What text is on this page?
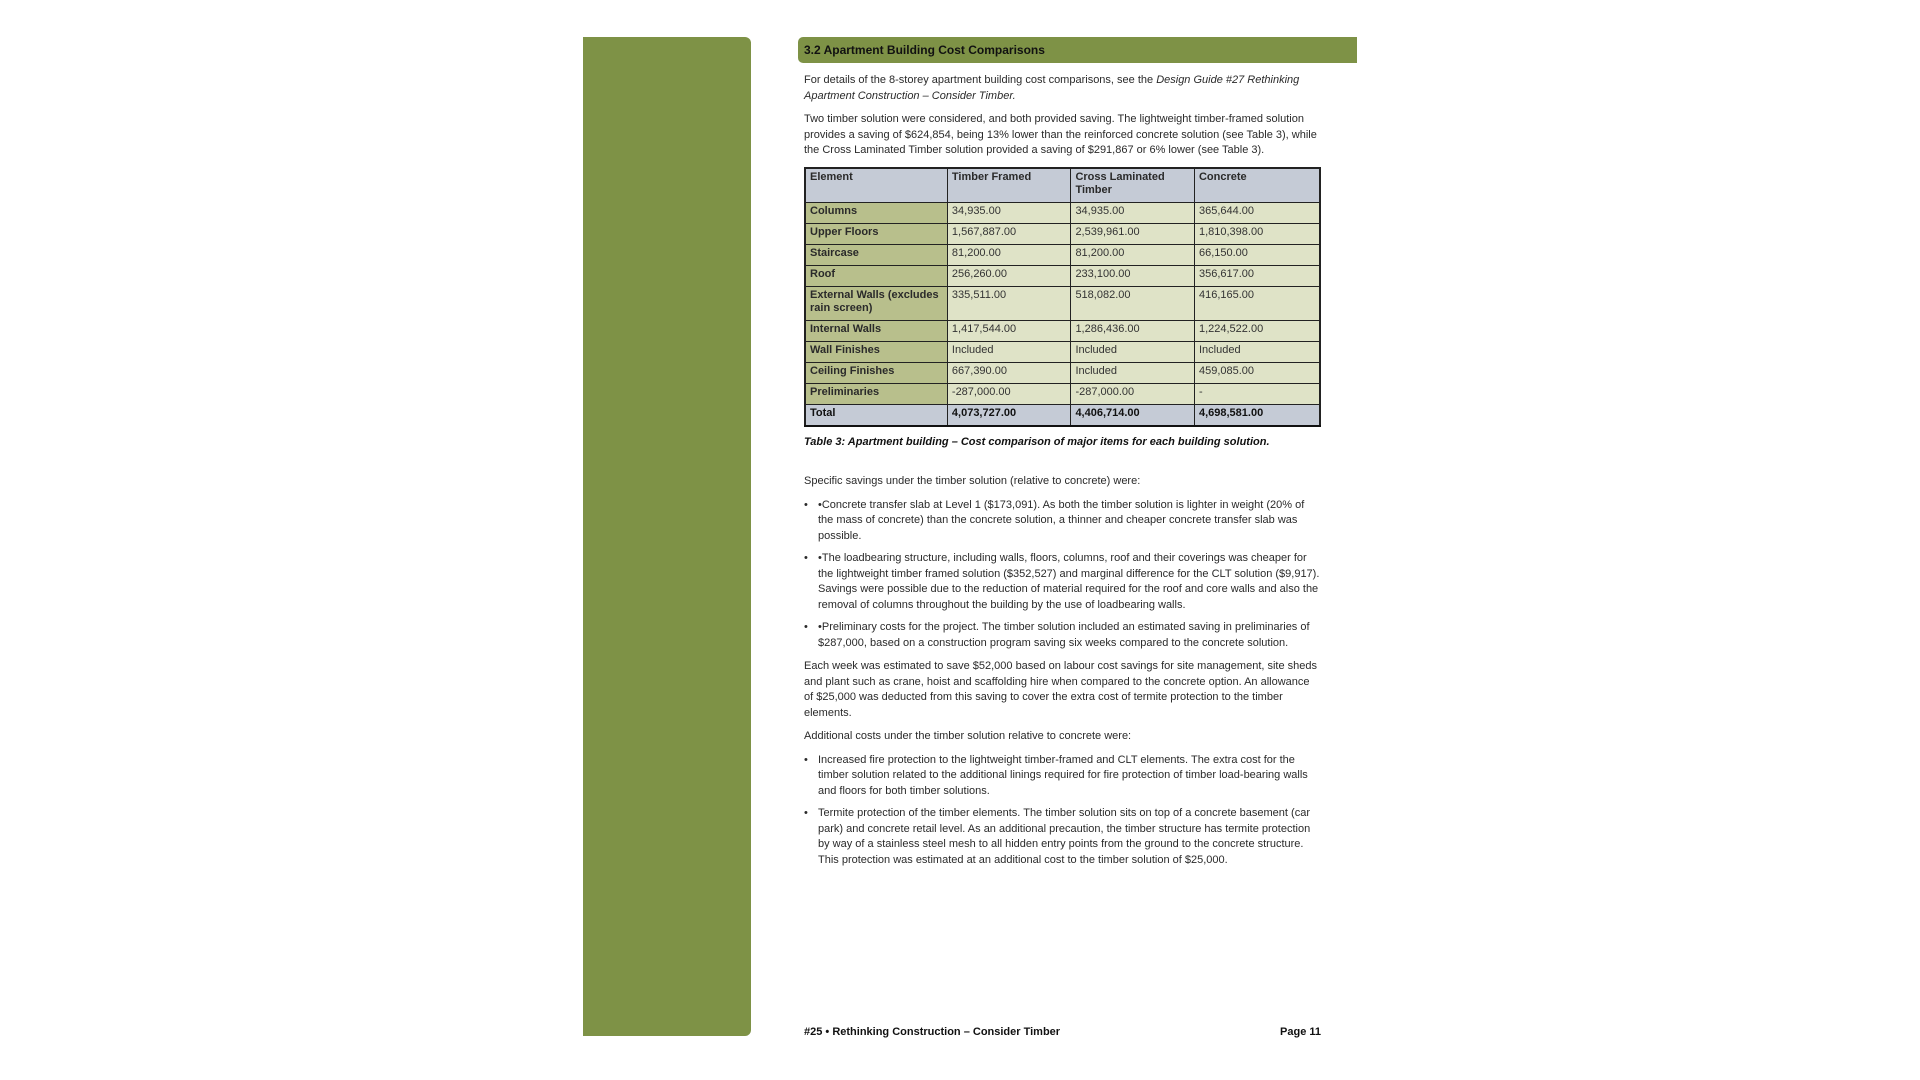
3.2 Apartment Building Cost Comparisons

For details of the 8-storey apartment building cost comparisons, see the Design Guide #27 Rethinking Apartment Construction – Consider Timber.

Two timber solution were considered, and both provided saving. The lightweight timber-framed solution provides a saving of $624,854, being 13% lower than the reinforced concrete solution (see Table 3), while the Cross Laminated Timber solution provided a saving of $291,867 or 6% lower (see Table 3).

Element	Timber Framed	Cross Laminated Timber	Concrete
Columns	34,935.00	34,935.00	365,644.00
Upper Floors	1,567,887.00	2,539,961.00	1,810,398.00
Staircase	81,200.00	81,200.00	66,150.00
Roof	256,260.00	233,100.00	356,617.00
External Walls (excludes rain screen)	335,511.00	518,082.00	416,165.00
Internal Walls	1,417,544.00	1,286,436.00	1,224,522.00
Wall Finishes	Included	Included	Included
Ceiling Finishes	667,390.00	Included	459,085.00
Preliminaries	-287,000.00	-287,000.00	-
Total	4,073,727.00	4,406,714.00	4,698,581.00
Table 3: Apartment building – Cost comparison of major items for each building solution.

Specific savings under the timber solution (relative to concrete) were:

• •Concrete transfer slab at Level 1 ($173,091). As both the timber solution is lighter in weight (20% of the mass of concrete) than the concrete solution, a thinner and cheaper concrete transfer slab was possible.
• •The loadbearing structure, including walls, floors, columns, roof and their coverings was cheaper for the lightweight timber framed solution ($352,527) and marginal difference for the CLT solution ($9,917). Savings were possible due to the reduction of material required for the roof and core walls and also the removal of columns throughout the building by the use of loadbearing walls.
• •Preliminary costs for the project. The timber solution included an estimated saving in preliminaries of $287,000, based on a construction program saving six weeks compared to the concrete solution.

Each week was estimated to save $52,000 based on labour cost savings for site management, site sheds and plant such as crane, hoist and scaffolding hire when compared to the concrete option. An allowance of $25,000 was deducted from this saving to cover the extra cost of termite protection to the timber elements.

Additional costs under the timber solution relative to concrete were:

• Increased fire protection to the lightweight timber-framed and CLT elements. The extra cost for the timber solution related to the additional linings required for fire protection of timber load-bearing walls and floors for both timber solutions.
• Termite protection of the timber elements. The timber solution sits on top of a concrete basement (car park) and concrete retail level. As an additional precaution, the timber structure has termite protection by way of a stainless steel mesh to all hidden entry points from the ground to the concrete structure. This protection was estimated at an additional cost to the timber solution of $25,000.
#25 • Rethinking Construction – Consider Timber	Page 11
